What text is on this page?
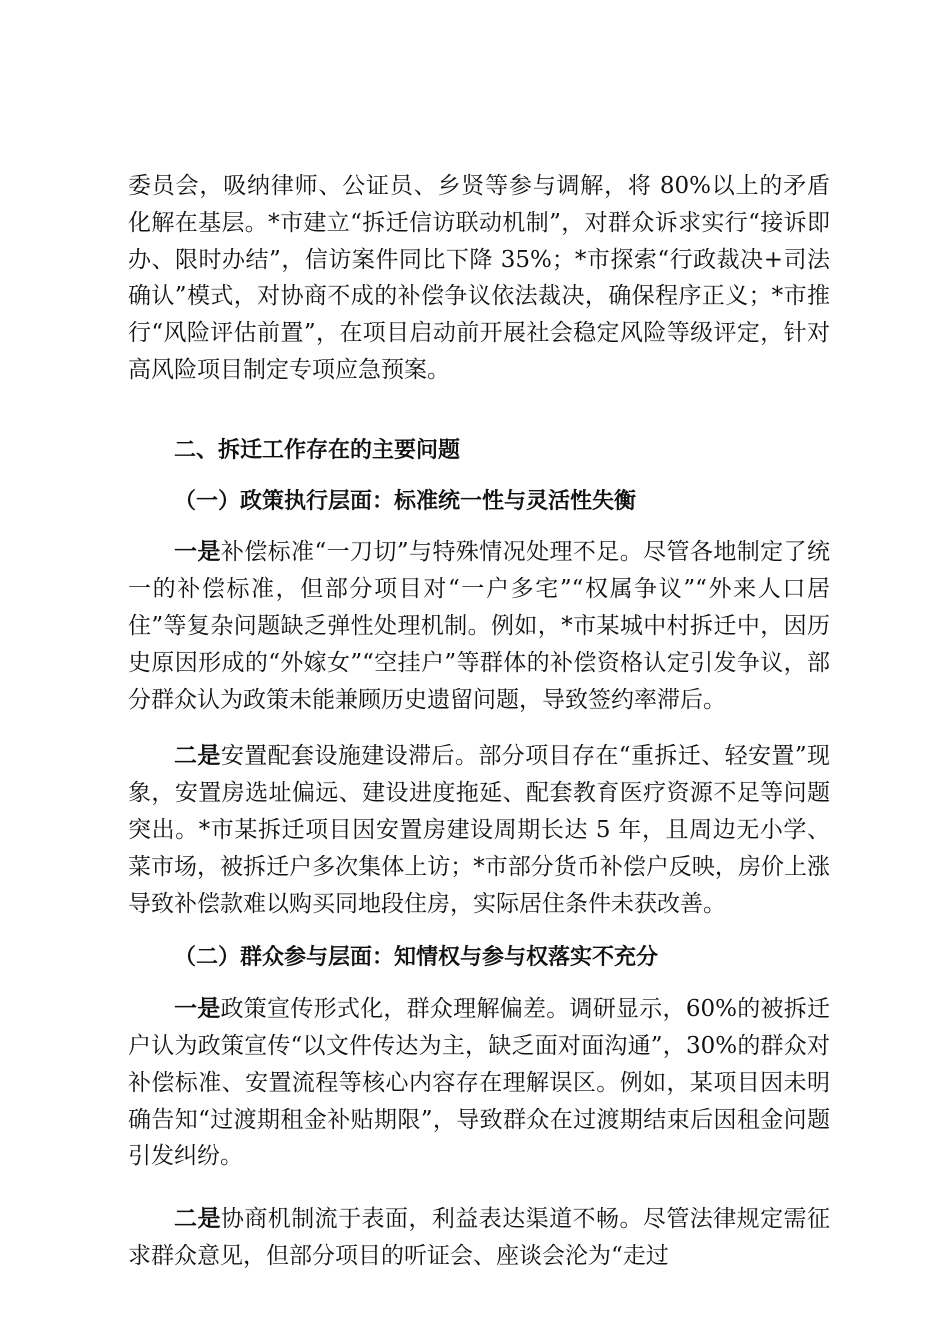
委员会，吸纳律师、公证员、乡贤等参与调解，将 80%以上的矛盾化解在基层。*市建立“拆迁信访联动机制”，对群众诉求实行“接诉即办、限时办结”，信访案件同比下降 35%；*市探索“行政裁决+司法确认”模式，对协商不成的补偿争议依法裁决，确保程序正义；*市推行“风险评估前置”，在项目启动前开展社会稳定风险等级评定，针对高风险项目制定专项应急预案。

二、拆迁工作存在的主要问题
（一）政策执行层面：标准统一性与灵活性失衡

一是补偿标准“一刀切”与特殊情况处理不足。尽管各地制定了统一的补偿标准，但部分项目对“一户多宅”“权属争议”“外来人口居住”等复杂问题缺乏弹性处理机制。例如，*市某城中村拆迁中，因历史原因形成的“外嫁女”“空挂户”等群体的补偿资格认定引发争议，部分群众认为政策未能兼顾历史遗留问题，导致签约率滞后。

二是安置配套设施建设滞后。部分项目存在“重拆迁、轻安置”现象，安置房选址偏远、建设进度拖延、配套教育医疗资源不足等问题突出。*市某拆迁项目因安置房建设周期长达 5 年，且周边无小学、菜市场，被拆迁户多次集体上访；*市部分货币补偿户反映，房价上涨导致补偿款难以购买同地段住房，实际居住条件未获改善。

（二）群众参与层面：知情权与参与权落实不充分

一是政策宣传形式化，群众理解偏差。调研显示，60%的被拆迁户认为政策宣传“以文件传达为主，缺乏面对面沟通”，30%的群众对补偿标准、安置流程等核心内容存在理解误区。例如，某项目因未明确告知“过渡期租金补贴期限”，导致群众在过渡期结束后因租金问题引发纠纷。

二是协商机制流于表面，利益表达渠道不畅。尽管法律规定需征求群众意见，但部分项目的听证会、座谈会沦为“走过
